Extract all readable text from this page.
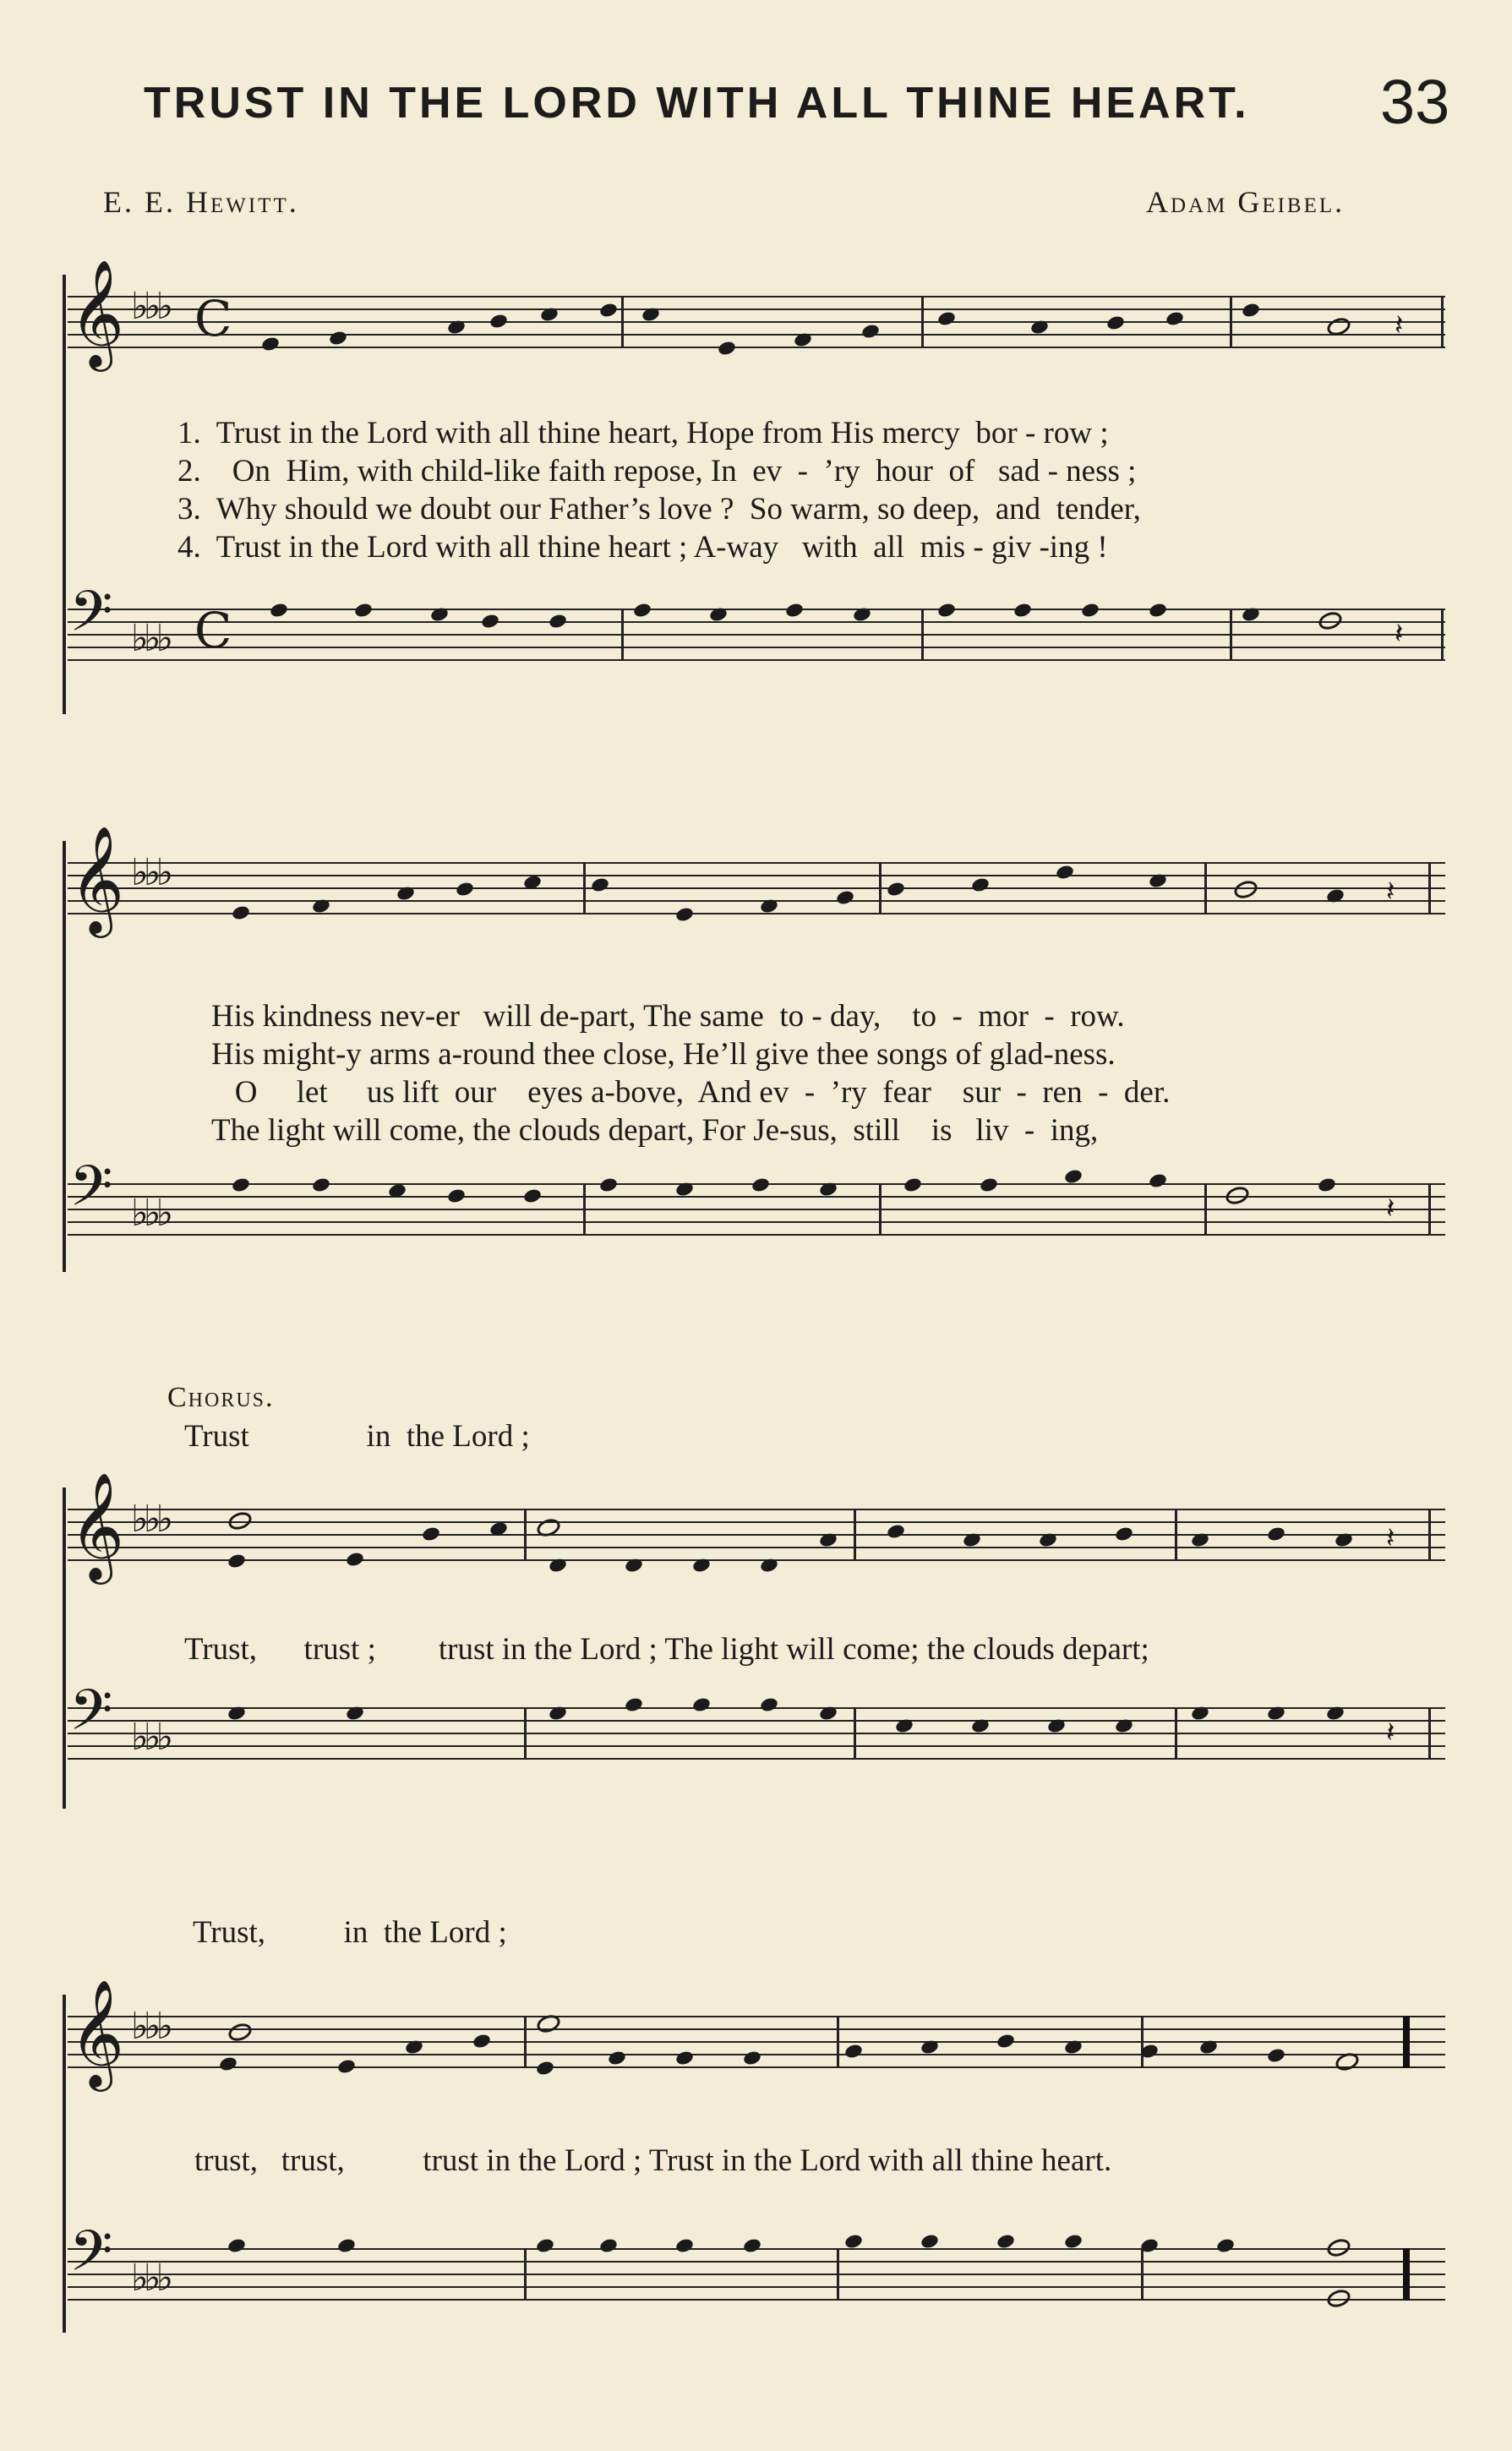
TRUST IN THE LORD WITH ALL THINE HEART. 33
E. E. Hewitt.	Adam Geibel.
𝄞 ♭♭♭ C	𝄽
1.  Trust in the Lord with all thine heart, Hope from His mercy  bor - row ;
2.    On  Him, with child-like faith repose, In  ev  -  ’ry  hour  of   sad - ness ;
3.  Why should we doubt our Father’s love ?  So warm, so deep,  and  tender,
4.  Trust in the Lord with all thine heart ; A-way   with  all  mis - giv -ing !
𝄢 ♭♭♭ C	𝄽
𝄞 ♭♭♭	𝄽
His kindness nev-er   will de-part, The same  to - day,    to  -  mor  -  row.
His might-y arms a-round thee close, He’ll give thee songs of glad-ness.
O     let     us lift  our    eyes a-bove,  And ev  -  ’ry  fear    sur  -  ren  -  der.
The light will come, the clouds depart, For Je-sus,  still    is   liv  -  ing,
𝄢 ♭♭♭	𝄽
Chorus.
Trust               in  the Lord ;
𝄞 ♭♭♭	𝄽
Trust,      trust ;        trust in the Lord ; The light will come; the clouds depart;
𝄢 ♭♭♭	𝄽
Trust,          in  the Lord ;
𝄞 ♭♭♭
trust,   trust,          trust in the Lord ; Trust in the Lord with all thine heart.
𝄢 ♭♭♭
